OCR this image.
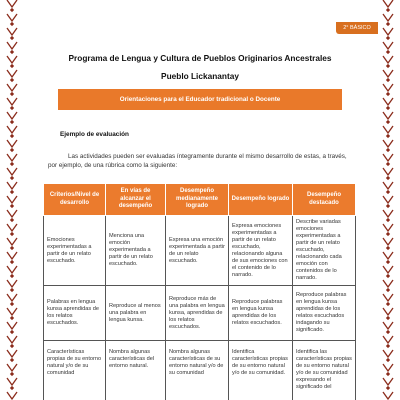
2° BÁSICO Unidad 1
Programa de Lengua y Cultura de Pueblos Originarios Ancestrales
Pueblo Lickanantay
Orientaciones para el Educador tradicional o Docente
Ejemplo de evaluación

Las actividades pueden ser evaluadas íntegramente durante el mismo desarrollo de estas, a través, por ejemplo, de una rúbrica como la siguiente:

Criterios/Nivel de desarrollo	En vías de alcanzar el desempeño	Desempeño medianamente logrado	Desempeño logrado	Desempeño destacado
Emociones experimentadas a partir de un relato escuchado.	Menciona una emoción experimentada a partir de un relato escuchado.	Expresa una emoción experimentada a partir de un relato escuchado.	Expresa emociones experimentadas a partir de un relato escuchado, relacionando alguna de sus emociones con el contenido de lo narrado.	Describe variadas emociones experimentadas a partir de un relato escuchado, relacionando cada emoción con contenidos de lo narrado.
Palabras en lengua kunsa aprendidas de los relatos escuchados.	Reproduce al menos una palabra en lengua kunsa.	Reproduce más de una palabra en lengua kunsa, aprendidas de los relatos escuchados.	Reproduce palabras en lengua kunsa aprendidas de los relatos escuchados.	Reproduce palabras en lengua kunsa aprendidas de los relatos escuchados indagando su significado.
Características propias de su entorno natural y/o de su comunidad	Nombra algunas características del entorno natural.	Nombra algunas características de su entorno natural y/o de su comunidad	Identifica características propias de su entorno natural y/o de su comunidad.	Identifica las características propias de su entorno natural y/o de su comunidad expresando el significado del
